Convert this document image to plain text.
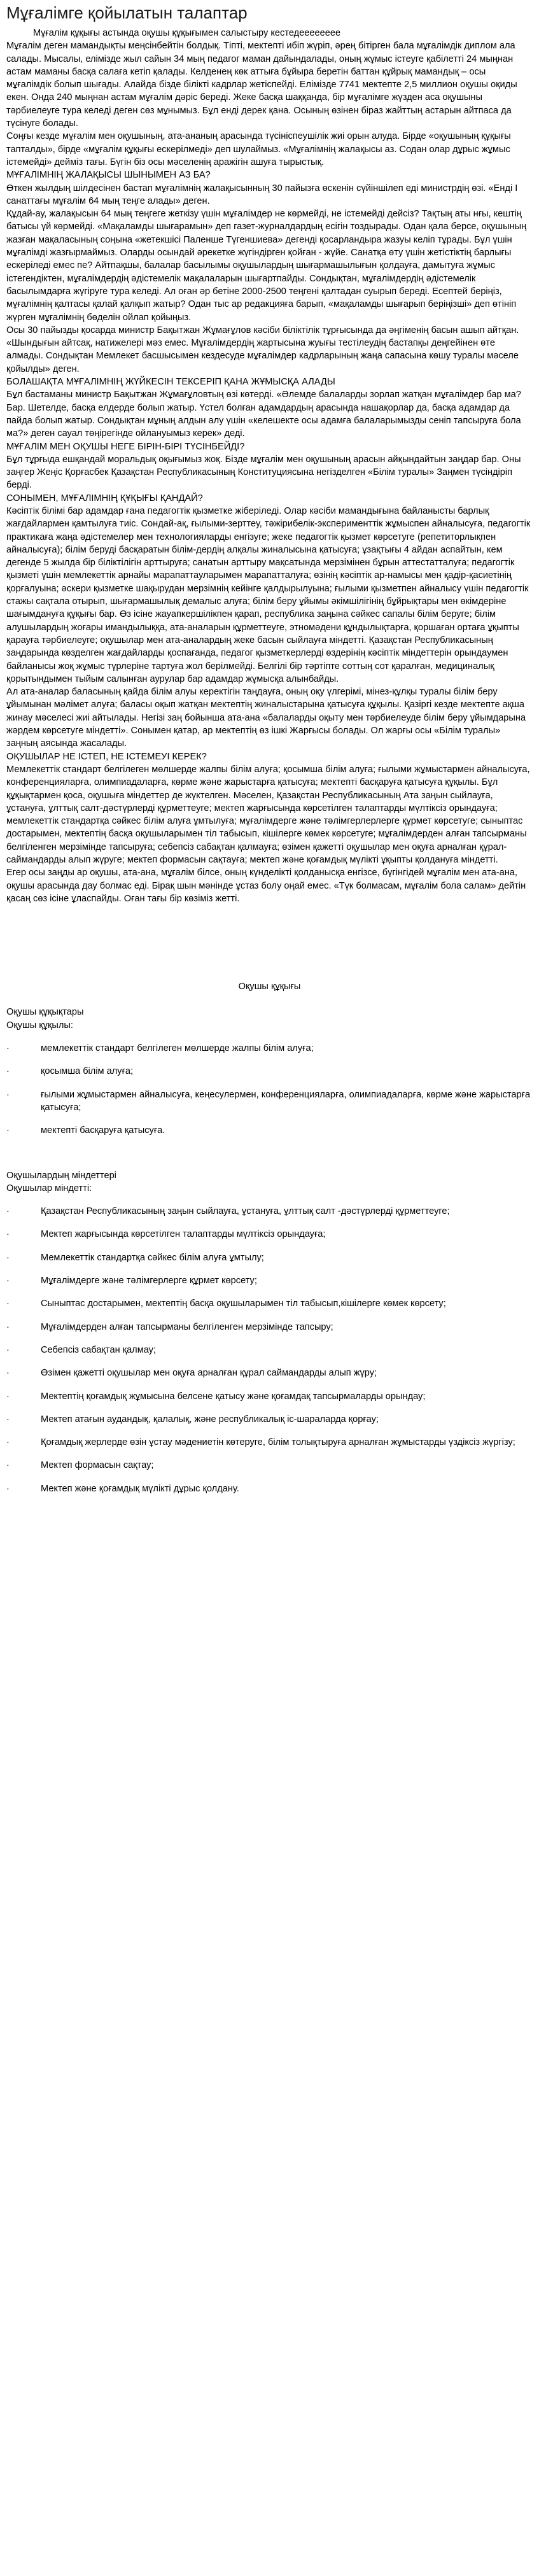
Мұғалімге қойылатын талаптар

Мұғалім құқығы астында оқушы құқығымен салыстыру кестедееееееее

Мұғалім деген мамандықты меңсінбейтін болдық. Тіпті, мектепті ибіп жүріп, әрең бітірген бала мұғалімдік диплом ала салады. Мысалы, елімізде жыл сайын 34 мың педагог маман дайындалады, оның жұмыс істеуге қабілетті 24 мыңнан астам маманы басқа салаға кетіп қалады. Келденең көк аттыға бұйыра беретін баттан құйрық мамандық – осы мұғалімдік болып шығады. Алайда бізде білікті кадрлар жетіспейді. Елімізде 7741 мектепте 2,5 миллион оқушы оқиды екен. Онда 240 мыңнан астам мұғалім дәріс береді. Жеке басқа шаққанда, бір мұғалімге жүзден аса оқушыны тәрбиелеуге тура келеді деген сөз мұнымыз. Бұл енді дерек қана. Осының өзінен біраз жайттың астарын айтпаса да түсінуге болады.

Соңғы кезде мұғалім мен оқушының, ата-ананың арасында түсініспеушілік жиі орын алуда. Бірде «оқушының құқығы тапталды», бірде «мұғалім құқығы ескерілмеді» деп шулаймыз. «Мұғалімнің жалақысы аз. Содан олар дұрыс жұмыс істемейді» деймiз тағы. Бүгін біз осы мәселенің аражігін ашуға тырыстық.

МҰҒАЛІМНІҢ ЖАЛАҚЫСЫ ШЫНЫМЕН АЗ БА?

Өткен жылдың шілдесінен бастап мұғалімнің жалақысынның 30 пайызға өскенін сүйіншілеп еді министрдің өзі. «Енді І санаттағы мұғалім 64 мың теңге алады» деген.

Құдай-ау, жалақысын 64 мың теңгеге жеткізу үшін мұғалімдер не көрмейді, не істемейді дейсіз? Тақтың аты нғы, кештің батысы үй көрмейді. «Мақаламды шығарамын» деп газет-журналдардың есігін тоздырады. Одан қала берсе, оқушының жазған мақаласының соңына «жетекшісі Паленше Түгеншиева» дегенді қосарландыра жазуы келіп тұрады. Бұл үшін мұғалімді жазғырмаймыз. Оларды осындай әрекетке жүгіндірген қойған - жүйе. Санатқа өту үшін жетістіктің барлығы ескеріледі емес пе? Айтпақшы, балалар басылымы оқушылардың шығармашылығын қолдауға, дамытуға жұмыс істегендіктен, мұғалімдердің әдістемелік мақалаларын шығартпайды. Сондықтан, мұғалімдердің әдістемелік басылымдарға жүгіруге тура келеді. Ал оған әр бетіне 2000-2500 теңгені қалтадан суырып береді. Есептей беріңіз, мұғалімнің қалтасы қалай қалқып жатыр? Одан тыс ар редакцияға барып, «мақаламды шығарып беріңізші» деп өтініп жүрген мұғалімнің бөделін ойлап қойыңыз.

Осы 30 пайызды қосарда министр Бақытжан Жұмағұлов кәсіби біліктілік тұрғысында да әңгіменің басын ашып айтқан. «Шындығын айтсақ, натижелері мәз емес. Мұғалімдердің жартысына жуығы тестілеудің бастапқы деңгейінен өте алмады. Сондықтан Мемлекет басшысымен кездесуде мұғалімдер кадрларының жаңа сапасына көшу туралы мәселе қойылды» деген.

БОЛАШАҚТА МҰҒАЛІМНІҢ ЖҮЙКЕСІН ТЕКСЕРІП ҚАНА ЖҰМЫСҚА АЛАДЫ

Бұл бастаманы министр Бақытжан Жұмағұловтың өзі көтерді. «Әлемде балаларды зорлап жатқан мұғалімдер бар ма? Бар. Шетелде, басқа елдерде болып жатыр. Үстел болған адамдардың арасында нашақорлар да, басқа адамдар да пайда болып жатыр. Сондықтан мұның алдын алу үшін «келешекте осы адамға балаларымызды сеніп тапсыруға бола ма?» деген сауал төңірегінде ойлануымыз керек» деді.

МҰҒАЛІМ МЕН ОҚУШЫ НЕГЕ БІРІН-БІРІ ТҮСІНБЕЙДІ?

Бұл тұрғыда ешқандай моральдық оқығымыз жоқ. Бізде мұғалім мен оқушының арасын айқындайтын заңдар бар. Оны заңгер Жеңіс Қорғасбек Қазақстан Республикасының Конституциясына негізделген «Білім туралы» Заңмен түсіндіріп берді.

СОНЫМЕН, МҰҒАЛІМНІҢ ҚҰҚЫҒЫ ҚАНДАЙ?

Кәсіптік білімі бар адамдар ғана педагогтік қызметке жіберіледі. Олар кәсіби мамандығына байланысты барлық жағдайлармен қамтылуға тиіс. Сондай-ақ, ғылыми-зерттеу, тәжірибелік-эксперименттік жұмыспен айналысуға, педагогтік практикаға жаңа әдістемелер мен технологияларды енгізуге; жеке педагогтік қызмет көрсетуге (репетиторлықпен айналысуға); білім беруді басқаратын білім-дердің алқалы жиналысына қатысуға; ұзақтығы 4 айдан аспайтын, кем дегенде 5 жылда бір біліктілігін арттыруға; санатын арттыру мақсатында мерзімінен бұрын аттестатталуға; педагогтік қызметі үшін мемлекеттік арнайы марапаттауларымен марапатталуға; өзінің кәсіптік ар-намысы мен қадір-қасиетінің қорғалуына; әскери қызметке шақырудан мерзімнің кейінге қалдырылуына; ғылыми қызметпен айналысу үшін педагогтік стажы сақтала отырып, шығармашылық демалыс алуға; білім беру ұйымы әкімшілігінің бұйрықтары мен өкімдеріне шағымдануға құқығы бар. Өз ісіне жауапкершілікпен қарап, республика заңына сәйкес сапалы білім беруге; білім алушылардың жоғары имандылыққа, ата-аналарын құрметтеуге, этномәдени құндылықтарға, қоршаған ортаға ұқыпты қарауға тәрбиелеуге; оқушылар мен ата-аналардың жеке басын сыйлауға міндетті. Қазақстан Республикасының заңдарында көзделген жағдайларды қоспағанда, педагог қызметкерлерді өздерінің кәсіптік міндеттерін орындаумен байланысы жоқ жұмыс түрлеріне тартуға жол берілмейді. Белгілі бір тәртіпте соттың сот қаралған, медициналық қорытындымен тыйым салынған аурулар бар адамдар жұмысқа алынбайды.

Ал ата-аналар баласының қайда білім алуы керектігін таңдауға, оның оқу үлгерімі, мінез-құлқы туралы білім беру ұйымынан мәлімет алуға; баласы оқып жатқан мектептің жиналыстарына қатысуға құқылы. Қазіргі кезде мектепте ақша жинау мәселесі жиі айтылады. Негізі заң бойынша ата-ана «балаларды оқыту мен тәрбиелеуде білім беру ұйымдарына жәрдем көрсетуге міндетті». Сонымен қатар, ар мектептің өз ішкі Жарғысы болады. Ол жарғы осы «Білім туралы» заңның аясында жасалады.

ОҚУШЫЛАР НЕ ІСТЕП, НЕ ІСТЕМЕУІ КЕРЕК?

Мемлекеттік стандарт белгілеген мөлшерде жалпы білім алуға; қосымша білім алуға; ғылыми жұмыстармен айналысуға, конференцияларға, олимпиадаларға, көрме және жарыстарға қатысуға; мектепті басқаруға қатысуға құқылы. Бұл құқықтармен қоса, оқушыға міндеттер де жүктелген. Мәселен, Қазақстан Республикасының Ата заңын сыйлауға, ұстануға, ұлттық салт-дәстүрлерді құрметтеуге; мектеп жарғысында көрсетілген талаптарды мүлтіксіз орындауға; мемлекеттік стандартқа сәйкес білім алуға ұмтылуға; мұғалімдерге және тәлімгерлерлерге құрмет көрсетуге; сыныптас достарымен, мектептің басқа оқушыларымен тіл табысып, кішілерге көмек көрсетуге; мұғалімдерден алған тапсырманы белгіленген мерзімінде тапсыруға; себепсіз сабақтан қалмауға; өзімен қажетті оқушылар мен оқуға арналған құрал-саймандарды алып жүруге; мектеп формасын сақтауға; мектеп және қоғамдық мүлікті ұқыпты қолдануға міндетті.

Егер осы заңды ар оқушы, ата-ана, мұғалім білсе, оның күнделікті қолданысқа енгізсе, бүгінгідей мұғалім мен ата-ана, оқушы арасында дау болмас еді. Бірақ шын мәнінде ұстаз болу оңай емес. «Түк болмасам, мұғалім бола салам» дейтін қасаң сөз ісіне ұласпайды. Оған тағы бір көзіміз жетті.

Оқушы құқығы

Оқушы құқықтары

Оқушы құқылы:

·	мемлекеттік стандарт белгілеген мөлшерде жалпы білім алуға;
·	қосымша білім алуға;
·	ғылыми жұмыстармен айналысуға, кеңесулермен, конференцияларға, олимпиадаларға, көрме және жарыстарға қатысуға;
·	мектепті басқаруға қатысуға.

Оқушылардың міндеттері

Оқушылар міндетті:

·	Қазақстан Республикасының заңын сыйлауға, ұстануға, ұлттық салт -дәстүрлерді құрметтеуге;
·	Мектеп жарғысында көрсетілген талаптарды мүлтіксіз орындауға;
·	Мемлекеттік стандартқа сәйкес білім алуға ұмтылу;
·	Мұғалімдерге және тәлімгерлерге құрмет көрсету;
·	Сыныптас достарымен, мектептің басқа оқушыларымен тіл табысып,кішілерге көмек көрсету;
·	Мұғалімдерден алған тапсырманы белгіленген мерзімінде тапсыру;
·	Себепсіз сабақтан қалмау;
·	Өзімен қажетті оқушылар мен оқуға арналған құрал саймандарды алып жүру;
·	Мектептің қоғамдық жұмысына белсене қатысу және қоғамдақ тапсырмаларды орындау;
·	Мектеп атағын аудандық, қалалық, және республикалық іс-шараларда қорғау;
·	Қоғамдық жерлерде өзін ұстау мәдениетін көтеруге, білім толықтыруға арналған жұмыстарды үздіксіз жүргізу;
·	Мектеп формасын сақтау;
·	Мектеп және қоғамдық мүлікті дұрыс қолдану.
